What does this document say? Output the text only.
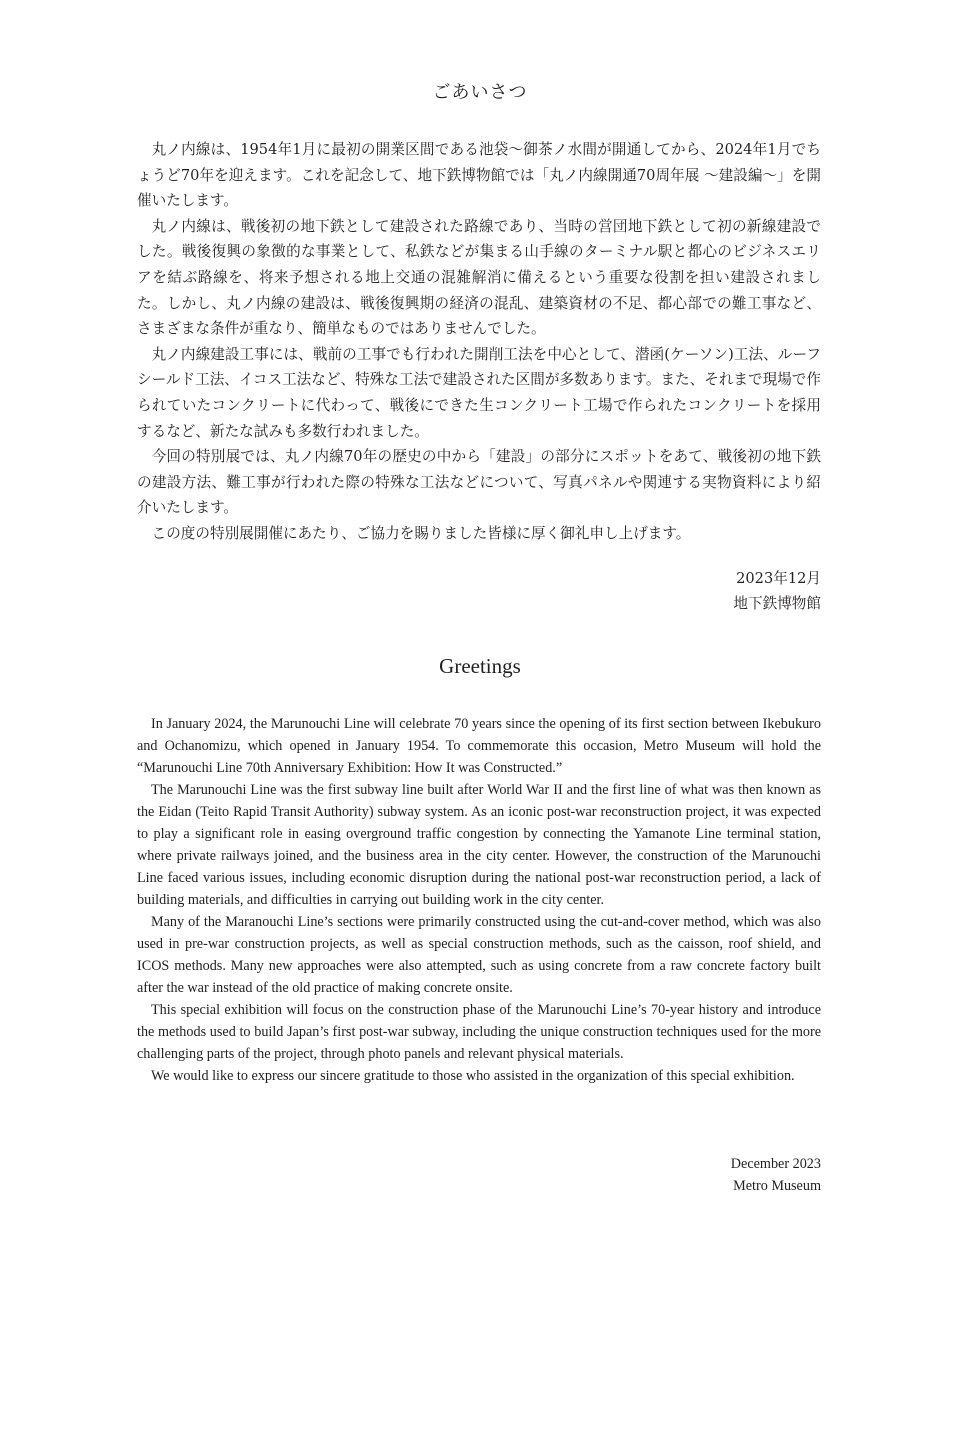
ごあいさつ

丸ノ内線は、1954年1月に最初の開業区間である池袋〜御茶ノ水間が開通してから、2024年1月でちょうど70年を迎えます。これを記念して、地下鉄博物館では「丸ノ内線開通70周年展 〜建設編〜」を開催いたします。

丸ノ内線は、戦後初の地下鉄として建設された路線であり、当時の営団地下鉄として初の新線建設でした。戦後復興の象徴的な事業として、私鉄などが集まる山手線のターミナル駅と都心のビジネスエリアを結ぶ路線を、将来予想される地上交通の混雑解消に備えるという重要な役割を担い建設されました。しかし、丸ノ内線の建設は、戦後復興期の経済の混乱、建築資材の不足、都心部での難工事など、さまざまな条件が重なり、簡単なものではありませんでした。

丸ノ内線建設工事には、戦前の工事でも行われた開削工法を中心として、潜函(ケーソン)工法、ルーフシールド工法、イコス工法など、特殊な工法で建設された区間が多数あります。また、それまで現場で作られていたコンクリートに代わって、戦後にできた生コンクリート工場で作られたコンクリートを採用するなど、新たな試みも多数行われました。

今回の特別展では、丸ノ内線70年の歴史の中から「建設」の部分にスポットをあて、戦後初の地下鉄の建設方法、難工事が行われた際の特殊な工法などについて、写真パネルや関連する実物資料により紹介いたします。

この度の特別展開催にあたり、ご協力を賜りました皆様に厚く御礼申し上げます。

2023年12月
地下鉄博物館
Greetings

In January 2024, the Marunouchi Line will celebrate 70 years since the opening of its first section between Ikebukuro and Ochanomizu, which opened in January 1954. To commemorate this occasion, Metro Museum will hold the “Marunouchi Line 70th Anniversary Exhibition: How It was Constructed.”

The Marunouchi Line was the first subway line built after World War II and the first line of what was then known as the Eidan (Teito Rapid Transit Authority) subway system. As an iconic post-war reconstruction project, it was expected to play a significant role in easing overground traffic congestion by connecting the Yamanote Line terminal station, where private railways joined, and the business area in the city center. However, the construction of the Marunouchi Line faced various issues, including economic disruption during the national post-war reconstruction period, a lack of building materials, and difficulties in carrying out building work in the city center.

Many of the Maranouchi Line’s sections were primarily constructed using the cut-and-cover method, which was also used in pre-war construction projects, as well as special construction methods, such as the caisson, roof shield, and ICOS methods. Many new approaches were also attempted, such as using concrete from a raw concrete factory built after the war instead of the old practice of making concrete onsite.

This special exhibition will focus on the construction phase of the Marunouchi Line’s 70-year history and introduce the methods used to build Japan’s first post-war subway, including the unique construction techniques used for the more challenging parts of the project, through photo panels and relevant physical materials.

We would like to express our sincere gratitude to those who assisted in the organization of this special exhibition.

December 2023
Metro Museum
